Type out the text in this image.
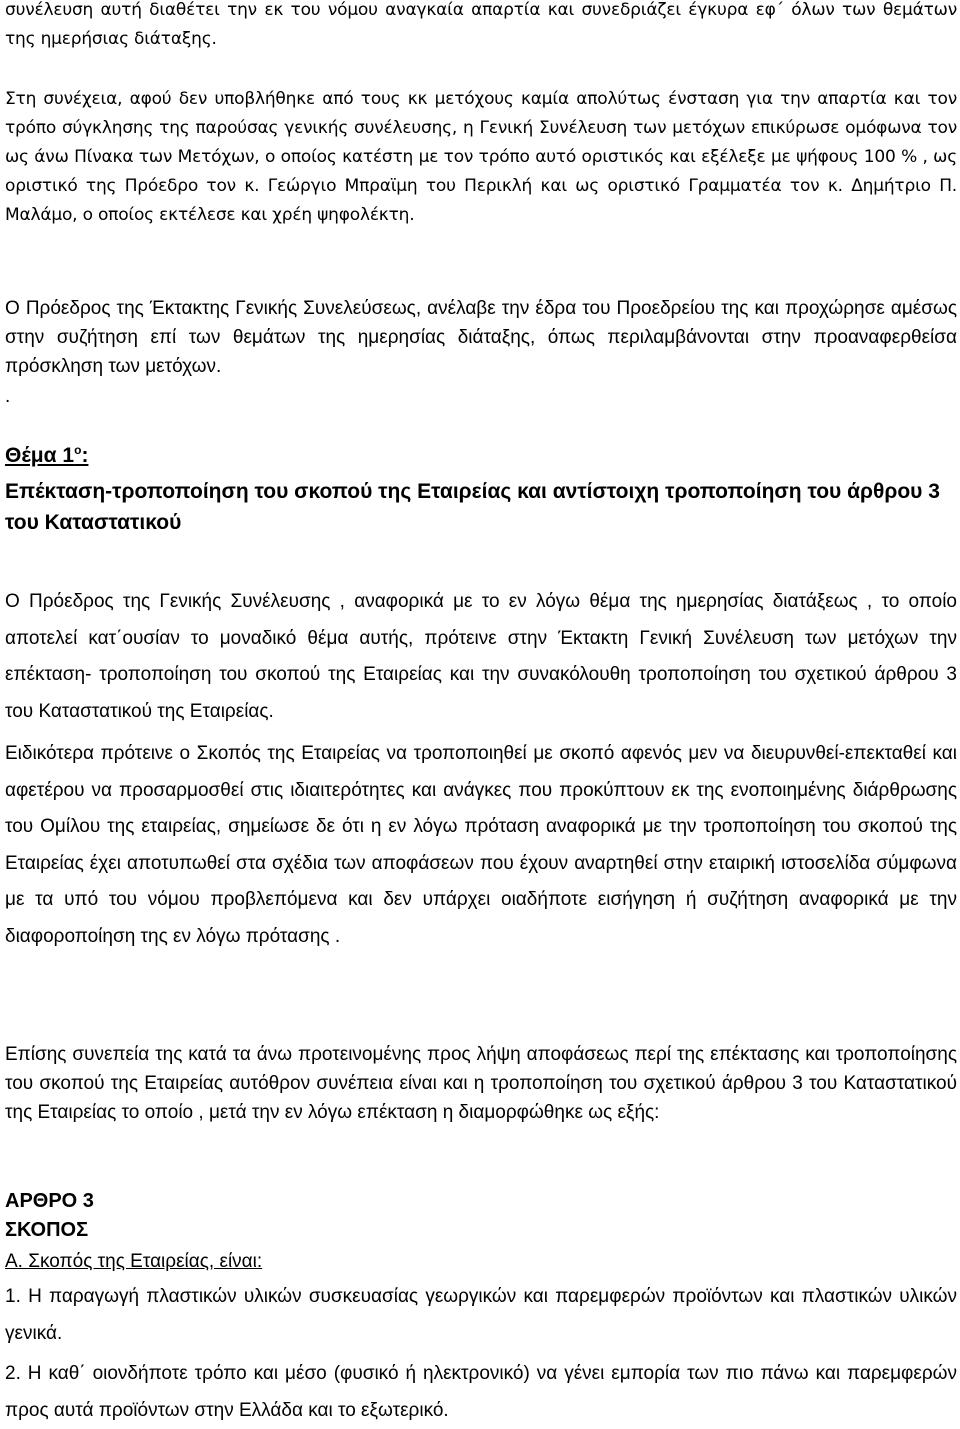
συνέλευση αυτή διαθέτει την εκ του νόμου αναγκαία απαρτία και συνεδριάζει έγκυρα εφ΄ όλων των θεμάτων της ημερήσιας διάταξης.

Στη συνέχεια, αφού δεν υποβλήθηκε από τους κκ μετόχους καμία απολύτως ένσταση για την απαρτία και τον τρόπο σύγκλησης της παρούσας γενικής συνέλευσης, η Γενική Συνέλευση των μετόχων επικύρωσε ομόφωνα τον ως άνω Πίνακα των Μετόχων, ο οποίος κατέστη με τον τρόπο αυτό οριστικός και εξέλεξε με ψήφους 100 % , ως οριστικό της Πρόεδρο τον κ. Γεώργιο Μπραϊμη του Περικλή και ως οριστικό Γραμματέα τον κ. Δημήτριο Π. Μαλάμο, ο οποίος εκτέλεσε και χρέη ψηφολέκτη.

Ο Πρόεδρος της Έκτακτης Γενικής Συνελεύσεως, ανέλαβε την έδρα του Προεδρείου της και προχώρησε αμέσως στην συζήτηση επί των θεμάτων της ημερησίας διάταξης, όπως περιλαμβάνονται στην προαναφερθείσα πρόσκληση των μετόχων.

.

Θέμα $1^o$:

Επέκταση-τροποποίηση του σκοπού της Εταιρείας και αντίστοιχη τροποποίηση του άρθρου 3 του Καταστατικού

Ο Πρόεδρος της Γενικής Συνέλευσης , αναφορικά με το εν λόγω θέμα της ημερησίας διατάξεως , το οποίο αποτελεί κατ΄ουσίαν το μοναδικό θέμα αυτής, πρότεινε στην Έκτακτη Γενική Συνέλευση των μετόχων την επέκταση- τροποποίηση του σκοπού της Εταιρείας και την συνακόλουθη τροποποίηση του σχετικού άρθρου 3 του Καταστατικού της Εταιρείας.

Ειδικότερα πρότεινε ο Σκοπός της Εταιρείας να τροποποιηθεί με σκοπό αφενός μεν να διευρυνθεί-επεκταθεί και αφετέρου να προσαρμοσθεί στις ιδιαιτερότητες και ανάγκες που προκύπτουν εκ της ενοποιημένης διάρθρωσης του Ομίλου της εταιρείας, σημείωσε δε ότι η εν λόγω πρόταση αναφορικά με την τροποποίηση του σκοπού της Εταιρείας έχει αποτυπωθεί στα σχέδια των αποφάσεων που έχουν αναρτηθεί στην εταιρική ιστοσελίδα σύμφωνα με τα υπό του νόμου προβλεπόμενα και δεν υπάρχει οιαδήποτε εισήγηση ή συζήτηση αναφορικά με την διαφοροποίηση της εν λόγω πρότασης .

Επίσης συνεπεία της κατά τα άνω προτεινομένης προς λήψη αποφάσεως περί της επέκτασης και τροποποίησης του σκοπού της Εταιρείας αυτόθρον συνέπεια είναι και η τροποποίηση του σχετικού άρθρου 3 του Καταστατικού της Εταιρείας το οποίο , μετά την εν λόγω επέκταση η διαμορφώθηκε ως εξής:

ΑΡΘΡΟ 3

ΣΚΟΠΟΣ

Α. Σκοπός της Εταιρείας, είναι:

1. Η παραγωγή πλαστικών υλικών συσκευασίας γεωργικών και παρεμφερών προϊόντων και πλαστικών υλικών γενικά.

2. Η καθ΄ οιονδήποτε τρόπο και μέσο (φυσικό ή ηλεκτρονικό) να γένει εμπορία των πιο πάνω και παρεμφερών προς αυτά προϊόντων στην Ελλάδα και το εξωτερικό.
